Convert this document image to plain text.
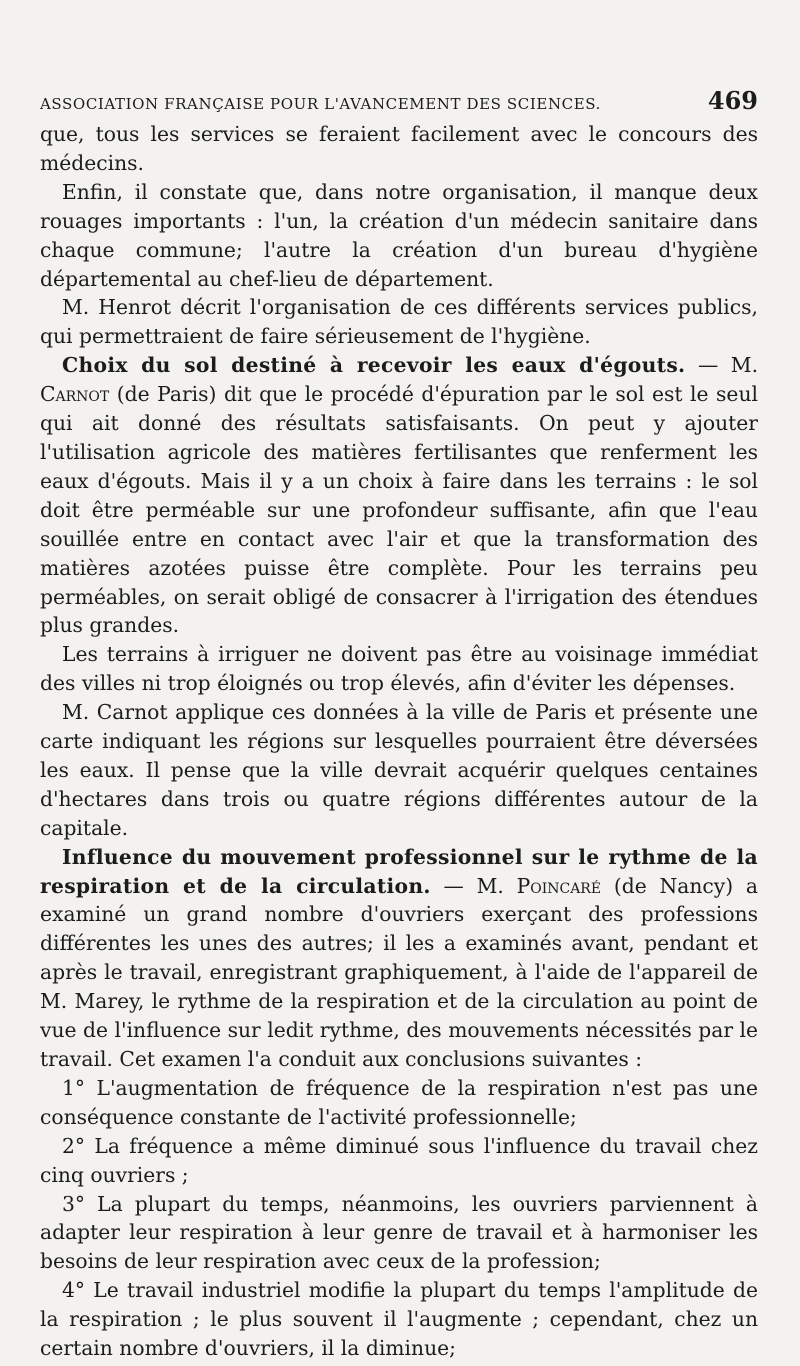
ASSOCIATION FRANÇAISE POUR L'AVANCEMENT DES SCIENCES.	469

que, tous les services se feraient facilement avec le concours des médecins.

Enfin, il constate que, dans notre organisation, il manque deux rouages importants : l'un, la création d'un médecin sanitaire dans chaque commune; l'autre la création d'un bureau d'hygiène départemental au chef-lieu de département.

M. Henrot décrit l'organisation de ces différents services publics, qui permettraient de faire sérieusement de l'hygiène.

Choix du sol destiné à recevoir les eaux d'égouts. — M. Carnot (de Paris) dit que le procédé d'épuration par le sol est le seul qui ait donné des résultats satisfaisants. On peut y ajouter l'utilisation agricole des matières fertilisantes que renferment les eaux d'égouts. Mais il y a un choix à faire dans les terrains : le sol doit être perméable sur une profondeur suffisante, afin que l'eau souillée entre en contact avec l'air et que la transformation des matières azotées puisse être complète. Pour les terrains peu perméables, on serait obligé de consacrer à l'irrigation des étendues plus grandes.

Les terrains à irriguer ne doivent pas être au voisinage immédiat des villes ni trop éloignés ou trop élevés, afin d'éviter les dépenses.

M. Carnot applique ces données à la ville de Paris et présente une carte indiquant les régions sur lesquelles pourraient être déversées les eaux. Il pense que la ville devrait acquérir quelques centaines d'hectares dans trois ou quatre régions différentes autour de la capitale.

Influence du mouvement professionnel sur le rythme de la respiration et de la circulation. — M. Poincaré (de Nancy) a examiné un grand nombre d'ouvriers exerçant des professions différentes les unes des autres; il les a examinés avant, pendant et après le travail, enregistrant graphiquement, à l'aide de l'appareil de M. Marey, le rythme de la respiration et de la circulation au point de vue de l'influence sur ledit rythme, des mouvements nécessités par le travail. Cet examen l'a conduit aux conclusions suivantes :

1° L'augmentation de fréquence de la respiration n'est pas une conséquence constante de l'activité professionnelle;

2° La fréquence a même diminué sous l'influence du travail chez cinq ouvriers ;

3° La plupart du temps, néanmoins, les ouvriers parviennent à adapter leur respiration à leur genre de travail et à harmoniser les besoins de leur respiration avec ceux de la profession;

4° Le travail industriel modifie la plupart du temps l'amplitude de la respiration ; le plus souvent il l'augmente ; cependant, chez un certain nombre d'ouvriers, il la diminue;
